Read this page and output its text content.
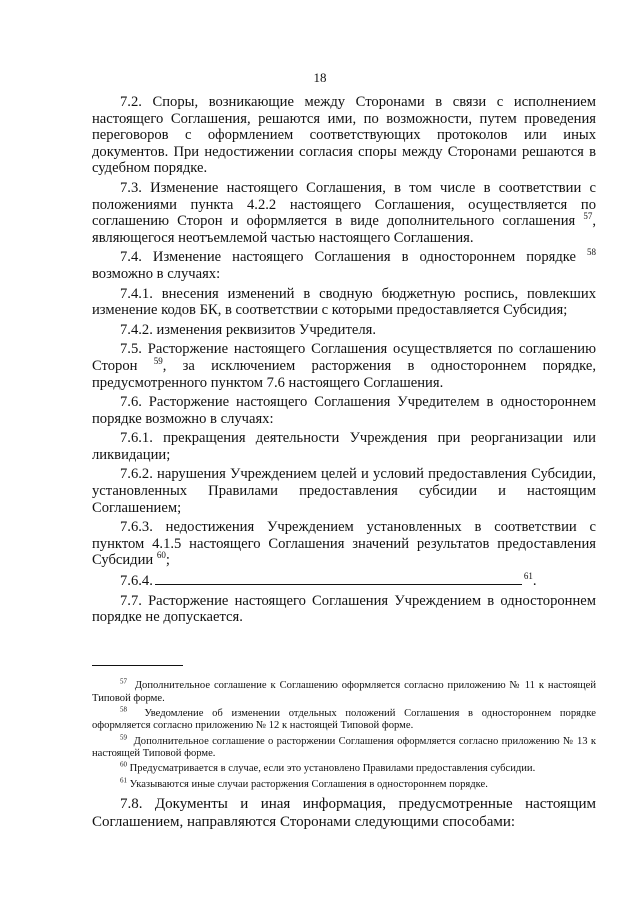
18

7.2. Споры, возникающие между Сторонами в связи с исполнением настоящего Соглашения, решаются ими, по возможности, путем проведения переговоров с оформлением соответствующих протоколов или иных документов. При недостижении согласия споры между Сторонами решаются в судебном порядке.

7.3. Изменение настоящего Соглашения, в том числе в соответствии с положениями пункта 4.2.2 настоящего Соглашения, осуществляется по соглашению Сторон и оформляется в виде дополнительного соглашения $^{57}$, являющегося неотъемлемой частью настоящего Соглашения.

7.4. Изменение настоящего Соглашения в одностороннем порядке $^{58}$ возможно в случаях:

7.4.1. внесения изменений в сводную бюджетную роспись, повлекших изменение кодов БК, в соответствии с которыми предоставляется Субсидия;

7.4.2. изменения реквизитов Учредителя.

7.5. Расторжение настоящего Соглашения осуществляется по соглашению Сторон $^{59}$, за исключением расторжения в одностороннем порядке, предусмотренного пунктом 7.6 настоящего Соглашения.

7.6. Расторжение настоящего Соглашения Учредителем в одностороннем порядке возможно в случаях:

7.6.1. прекращения деятельности Учреждения при реорганизации или ликвидации;

7.6.2. нарушения Учреждением целей и условий предоставления Субсидии, установленных Правилами предоставления субсидии и настоящим Соглашением;

7.6.3. недостижения Учреждением установленных в соответствии с пунктом 4.1.5 настоящего Соглашения значений результатов предоставления Субсидии $^{60}$;

7.6.4.	$^{61}$.

7.7. Расторжение настоящего Соглашения Учреждением в одностороннем порядке не допускается.

$^{57}$ Дополнительное соглашение к Соглашению оформляется согласно приложению № 11 к настоящей Типовой форме.

$^{58}$ Уведомление об изменении отдельных положений Соглашения в одностороннем порядке оформляется согласно приложению № 12 к настоящей Типовой форме.

$^{59}$ Дополнительное соглашение о расторжении Соглашения оформляется согласно приложению № 13 к настоящей Типовой форме.

$^{60}$ Предусматривается в случае, если это установлено Правилами предоставления субсидии.

$^{61}$ Указываются иные случаи расторжения Соглашения в одностороннем порядке.

7.8. Документы и иная информация, предусмотренные настоящим Соглашением, направляются Сторонами следующими способами:
